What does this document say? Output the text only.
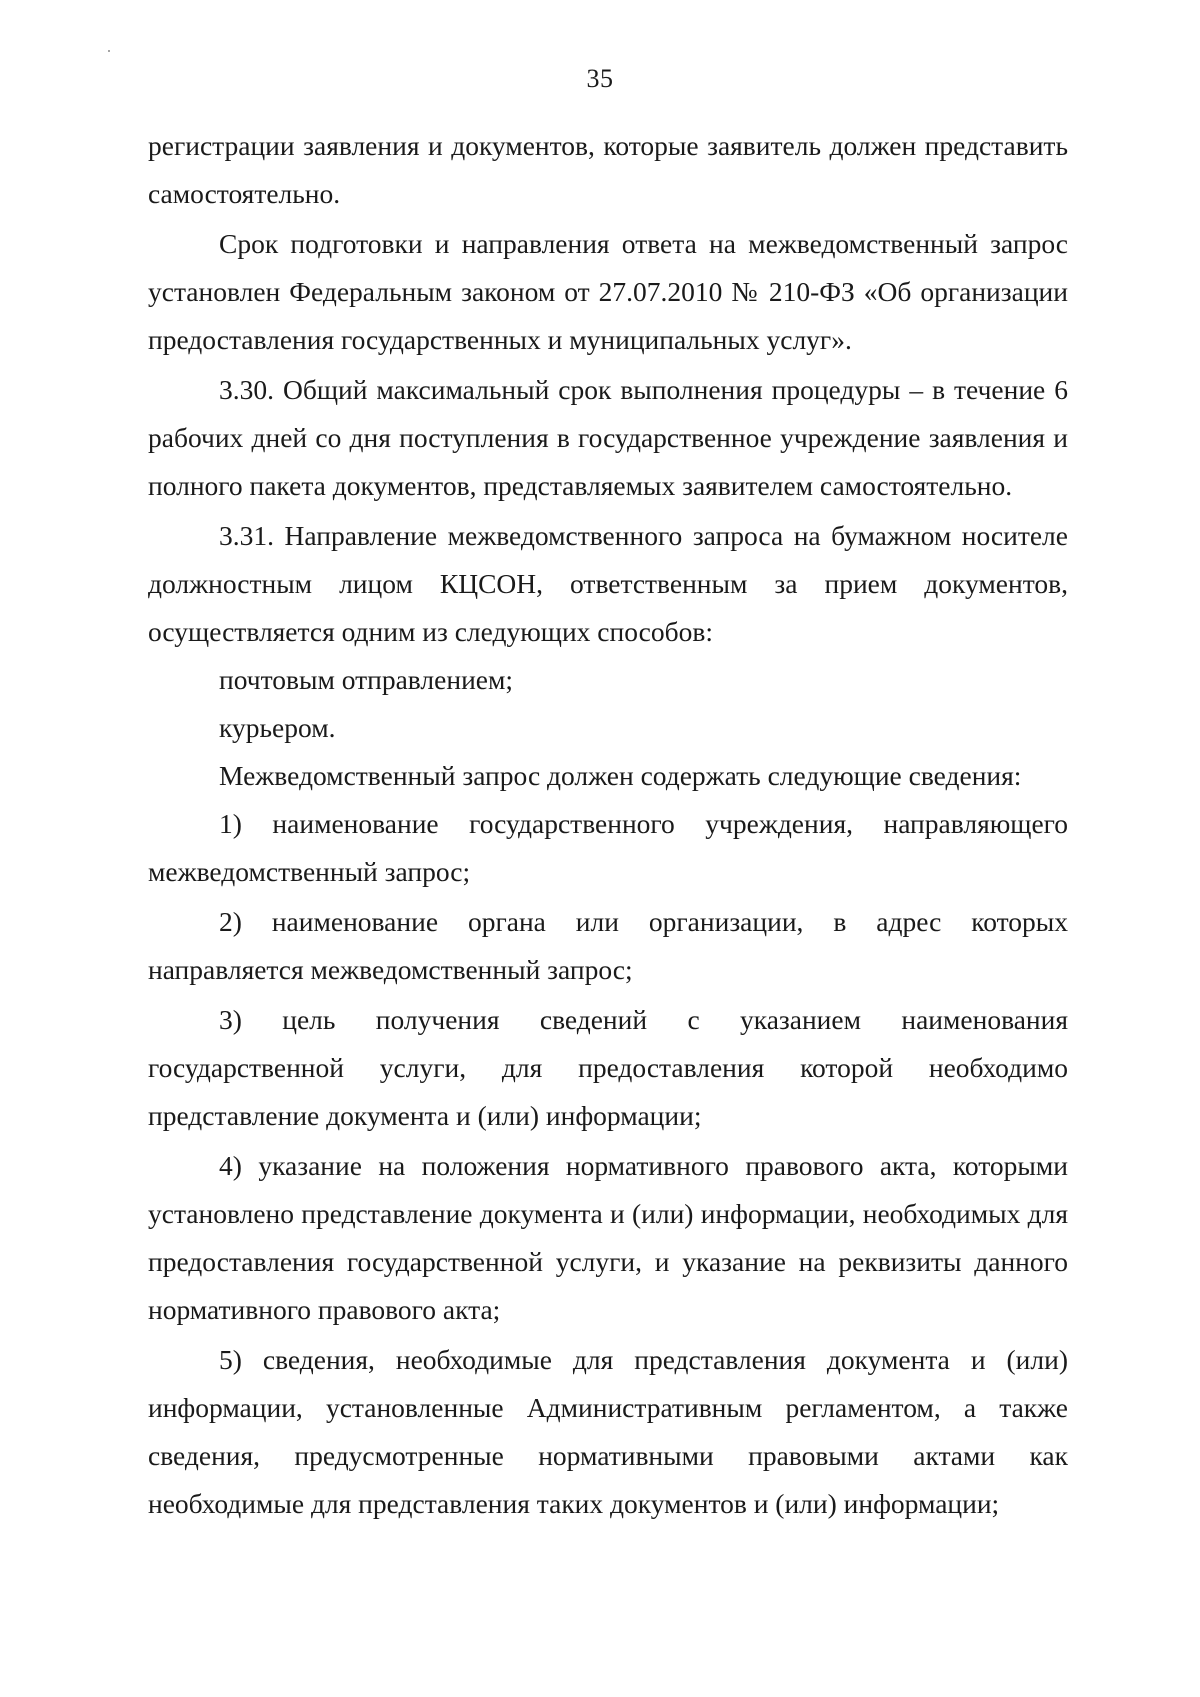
35

регистрации заявления и документов, которые заявитель должен представить самостоятельно.

Срок подготовки и направления ответа на межведомственный запрос установлен Федеральным законом от 27.07.2010 № 210-ФЗ «Об организации предоставления государственных и муниципальных услуг».

3.30. Общий максимальный срок выполнения процедуры – в течение 6 рабочих дней со дня поступления в государственное учреждение заявления и полного пакета документов, представляемых заявителем самостоятельно.

3.31. Направление межведомственного запроса на бумажном носителе должностным лицом КЦСОН, ответственным за прием документов, осуществляется одним из следующих способов:

почтовым отправлением;

курьером.

Межведомственный запрос должен содержать следующие сведения:

1) наименование государственного учреждения, направляющего межведомственный запрос;

2) наименование органа или организации, в адрес которых направляется межведомственный запрос;

3) цель получения сведений с указанием наименования государственной услуги, для предоставления которой необходимо представление документа и (или) информации;

4) указание на положения нормативного правового акта, которыми установлено представление документа и (или) информации, необходимых для предоставления государственной услуги, и указание на реквизиты данного нормативного правового акта;

5) сведения, необходимые для представления документа и (или) информации, установленные Административным регламентом, а также сведения, предусмотренные нормативными правовыми актами как необходимые для представления таких документов и (или) информации;
